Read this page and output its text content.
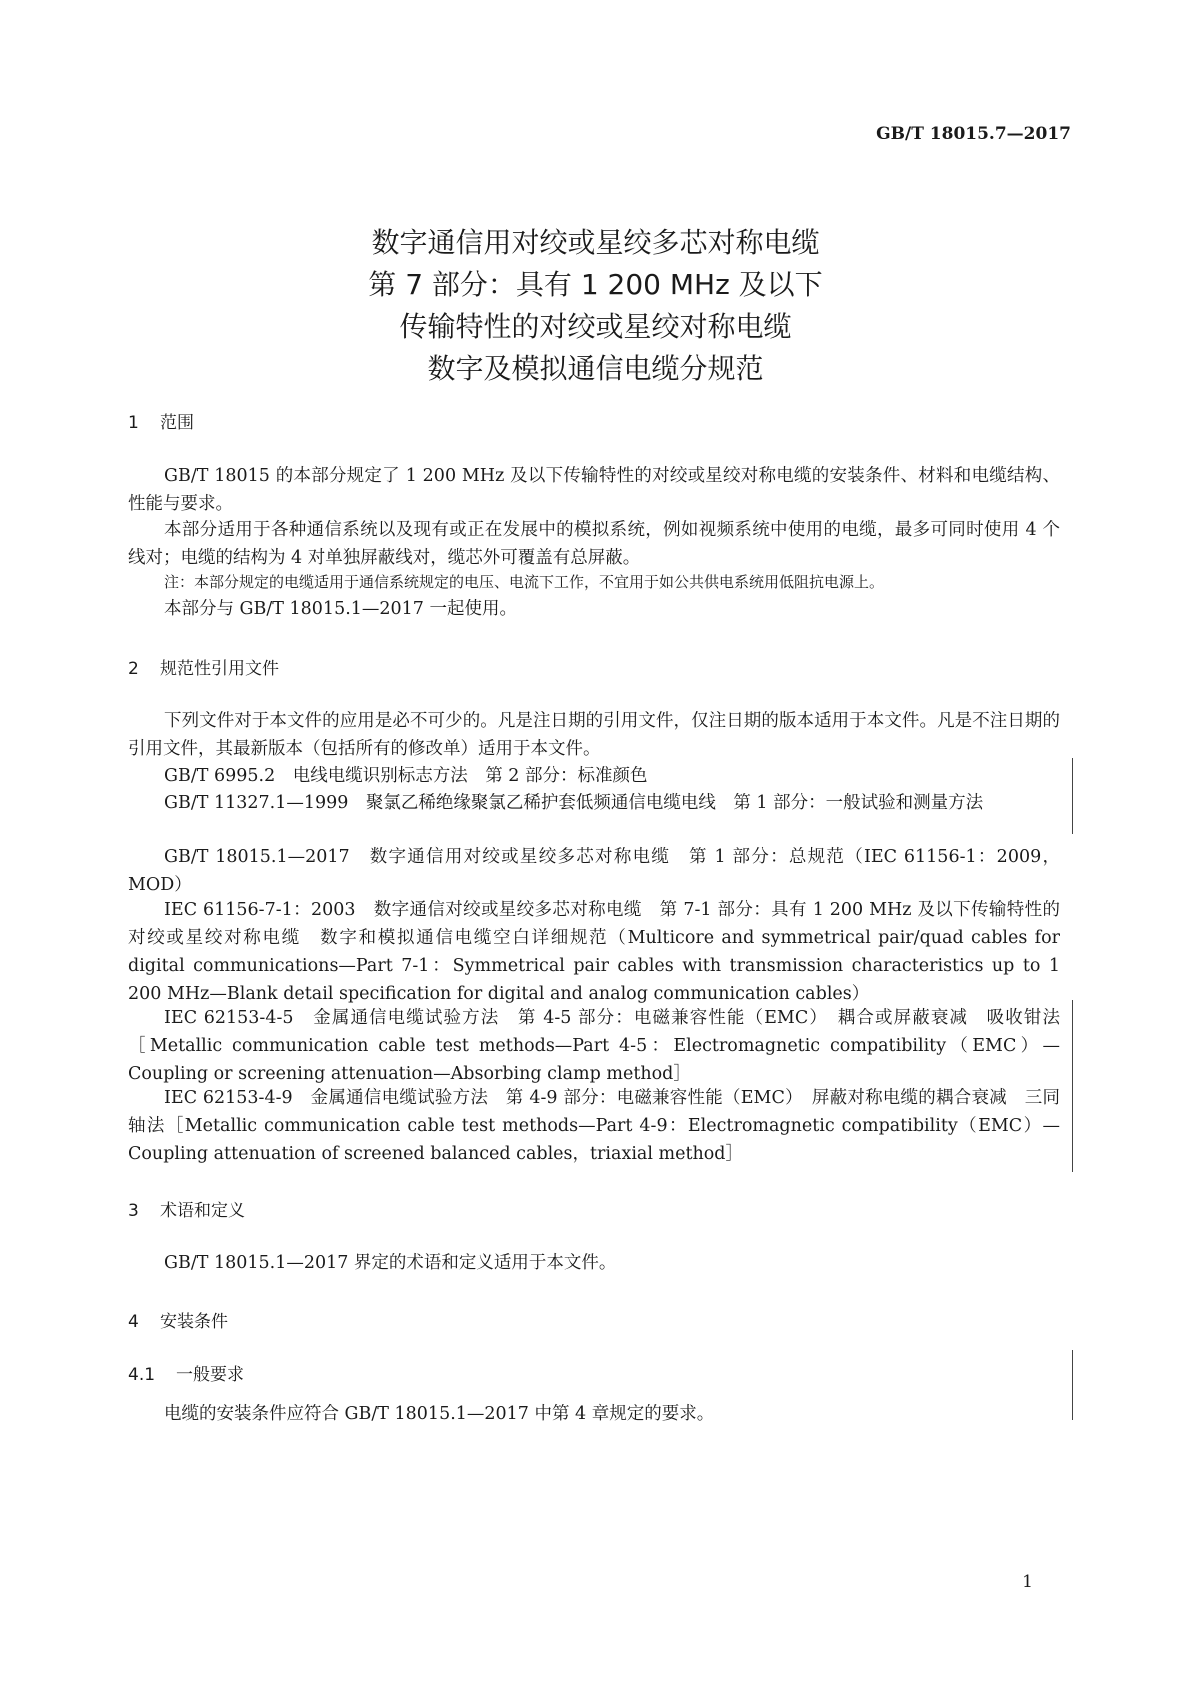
GB/T 18015.7—2017
数字通信用对绞或星绞多芯对称电缆
第 7 部分：具有 1 200 MHz 及以下
传输特性的对绞或星绞对称电缆
数字及模拟通信电缆分规范
1 范围
GB/T 18015 的本部分规定了 1 200 MHz 及以下传输特性的对绞或星绞对称电缆的安装条件、材料和电缆结构、性能与要求。
本部分适用于各种通信系统以及现有或正在发展中的模拟系统，例如视频系统中使用的电缆，最多可同时使用 4 个线对；电缆的结构为 4 对单独屏蔽线对，缆芯外可覆盖有总屏蔽。
注：本部分规定的电缆适用于通信系统规定的电压、电流下工作，不宜用于如公共供电系统用低阻抗电源上。
本部分与 GB/T 18015.1—2017 一起使用。
2 规范性引用文件
下列文件对于本文件的应用是必不可少的。凡是注日期的引用文件，仅注日期的版本适用于本文件。凡是不注日期的引用文件，其最新版本（包括所有的修改单）适用于本文件。
GB/T 6995.2　电线电缆识别标志方法　第 2 部分：标准颜色
GB/T 11327.1—1999　聚氯乙稀绝缘聚氯乙稀护套低频通信电缆电线　第 1 部分：一般试验和测量方法
GB/T 18015.1—2017　数字通信用对绞或星绞多芯对称电缆　第 1 部分：总规范（IEC 61156-1：2009，MOD）
IEC 61156-7-1：2003　数字通信对绞或星绞多芯对称电缆　第 7-1 部分：具有 1 200 MHz 及以下传输特性的对绞或星绞对称电缆　数字和模拟通信电缆空白详细规范（Multicore and symmetrical pair/quad cables for digital communications—Part 7-1：Symmetrical pair cables with transmission characteristics up to 1 200 MHz—Blank detail specification for digital and analog communication cables）
IEC 62153-4-5　金属通信电缆试验方法　第 4-5 部分：电磁兼容性能（EMC）　耦合或屏蔽衰减　吸收钳法［Metallic communication cable test methods—Part 4-5：Electromagnetic compatibility（EMC）—Coupling or screening attenuation—Absorbing clamp method］
IEC 62153-4-9　金属通信电缆试验方法　第 4-9 部分：电磁兼容性能（EMC）　屏蔽对称电缆的耦合衰减　三同轴法［Metallic communication cable test methods—Part 4-9：Electromagnetic compatibility（EMC）—Coupling attenuation of screened balanced cables，triaxial method］
3 术语和定义
GB/T 18015.1—2017 界定的术语和定义适用于本文件。
4 安装条件
4.1 一般要求
电缆的安装条件应符合 GB/T 18015.1—2017 中第 4 章规定的要求。
1
